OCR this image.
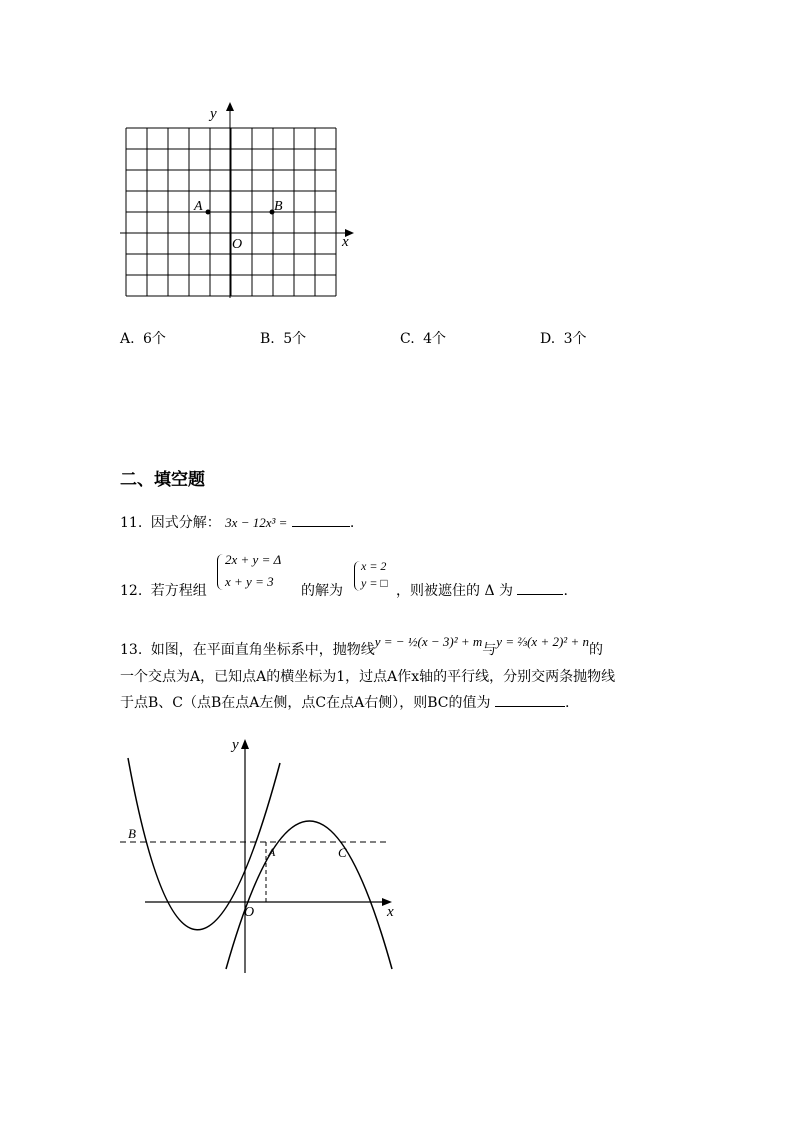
y
x
O
A	B
A. 6个	B. 5个	C. 4个	D. 3个
二、填空题
11. 因式分解： 3x − 12x³ =	.
12. 若方程组
2x + y = Δ
x + y = 3
的解为
x = 2
y = □ ，则被遮住的 Δ 为	.
13. 如图，在平面直角坐标系中，抛物线y = − ½(x − 3)² + m与y = ⅔(x + 2)² + n的
一个交点为A，已知点A的横坐标为1，过点A作x轴的平行线，分别交两条抛物线
于点B、C（点B在点A左侧，点C在点A右侧），则BC的值为	.
y
x
O
A
B
C
